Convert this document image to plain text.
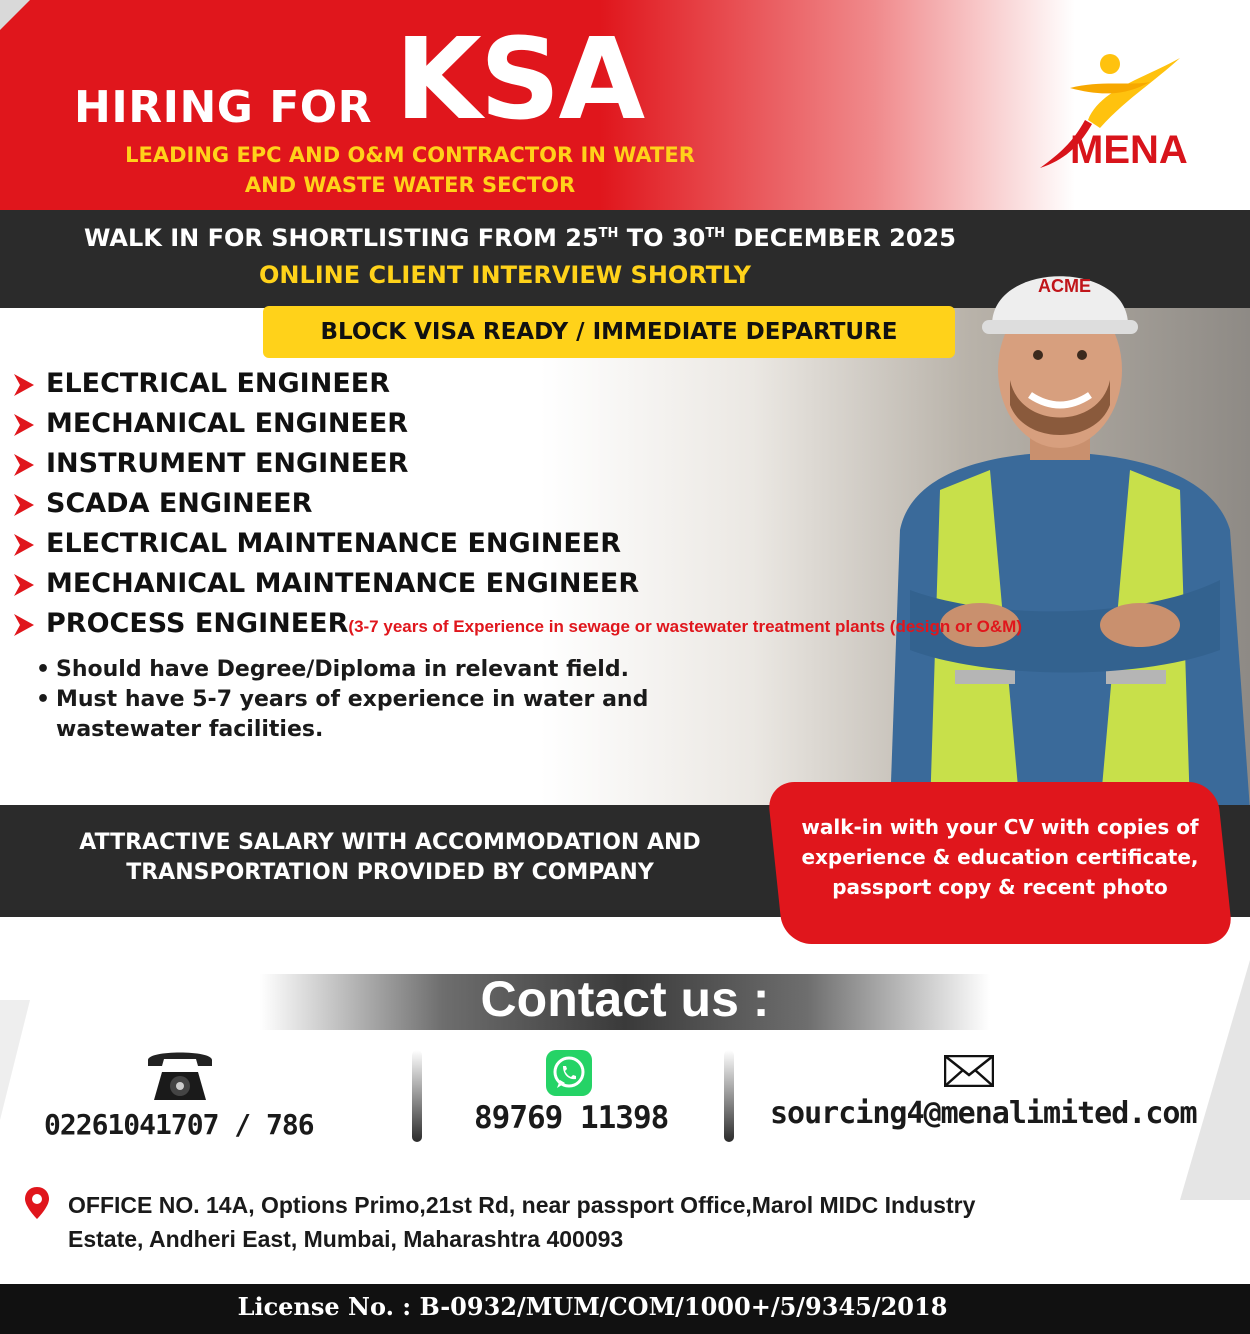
HIRING FOR KSA
LEADING EPC AND O&M CONTRACTOR IN WATER
AND WASTE WATER SECTOR
MENA
WALK IN FOR SHORTLISTING FROM 25TH TO 30TH DECEMBER 2025
ONLINE CLIENT INTERVIEW SHORTLY	ACME
BLOCK VISA READY / IMMEDIATE DEPARTURE
ELECTRICAL ENGINEER
MECHANICAL ENGINEER
INSTRUMENT ENGINEER
SCADA ENGINEER
ELECTRICAL MAINTENANCE ENGINEER
MECHANICAL MAINTENANCE ENGINEER
PROCESS ENGINEER(3-7 years of Experience in sewage or wastewater treatment plants (design or O&M)
• Should have Degree/Diploma in relevant field.
• Must have 5-7 years of experience in water and wastewater facilities.
ATTRACTIVE SALARY WITH ACCOMMODATION AND
TRANSPORTATION PROVIDED BY COMPANY
walk-in with your CV with copies of
experience & education certificate,
passport copy & recent photo
Contact us :
02261041707 / 786	89769 11398	sourcing4@menalimited.com
OFFICE NO. 14A, Options Primo,21st Rd, near passport Office,Marol MIDC Industry
Estate, Andheri East, Mumbai, Maharashtra 400093
License No. : B-0932/MUM/COM/1000+/5/9345/2018
